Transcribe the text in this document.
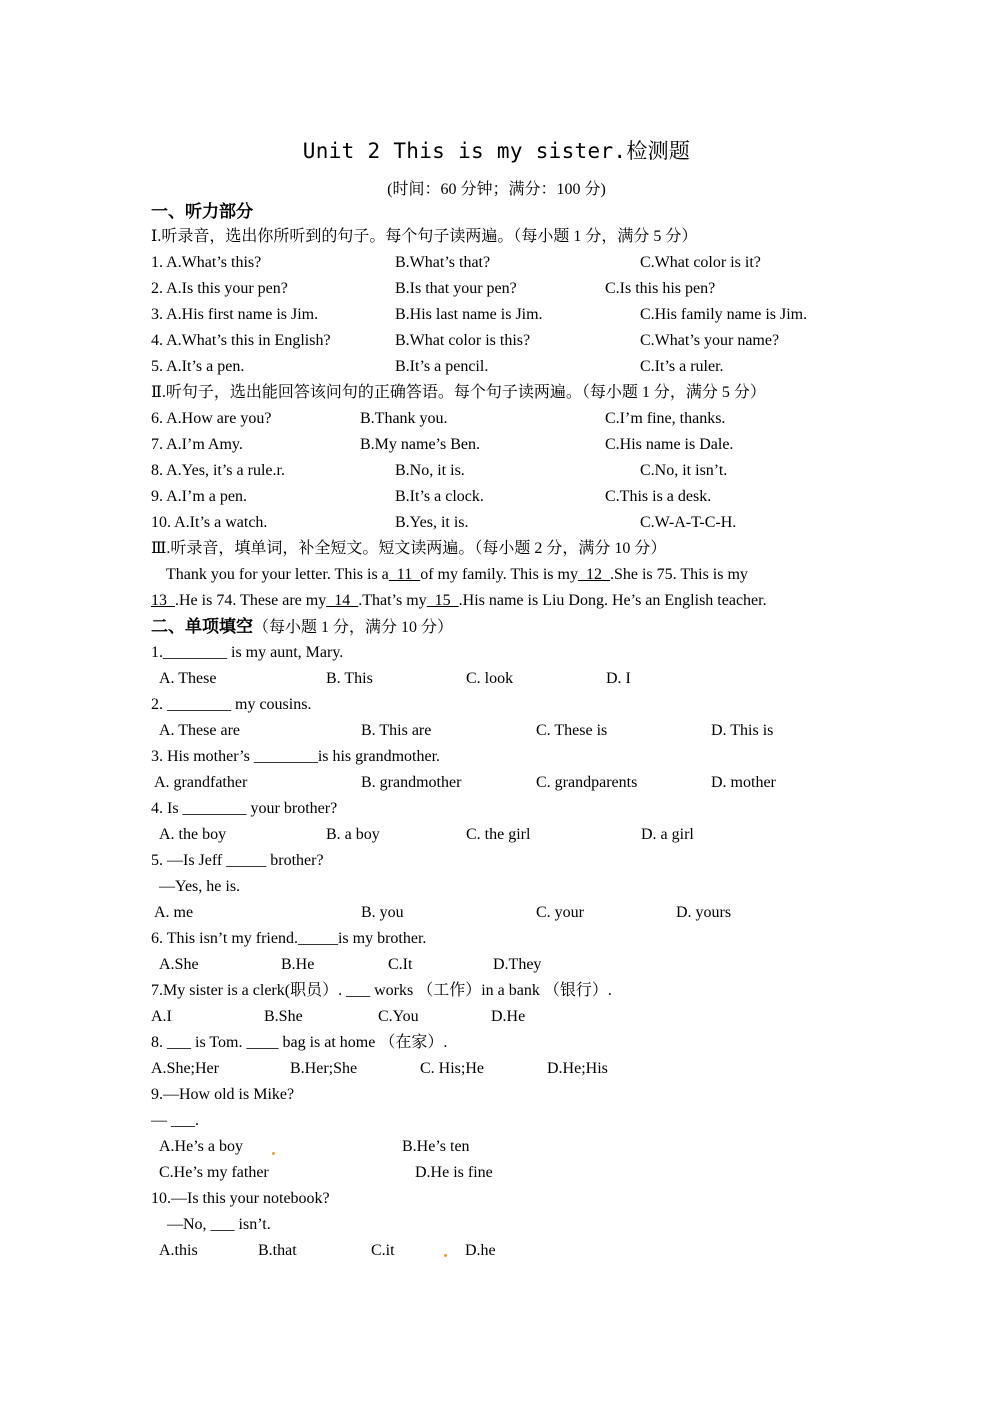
Unit 2 This is my sister.检测题
(时间：60 分钟；满分：100 分)
一、听力部分
Ⅰ.听录音，选出你所听到的句子。每个句子读两遍。（每小题 1 分，满分 5 分）
1. A.What’s this?	B.What’s that?	C.What color is it?
2. A.Is this your pen?	B.Is that your pen?	C.Is this his pen?
3. A.His first name is Jim.	B.His last name is Jim.	C.His family name is Jim.
4. A.What’s this in English?	B.What color is this?	C.What’s your name?
5. A.It’s a pen.	B.It’s a pencil.	C.It’s a ruler.
Ⅱ.听句子，选出能回答该问句的正确答语。每个句子读两遍。（每小题 1 分，满分 5 分）
6. A.How are you?	B.Thank you.	C.I’m fine, thanks.
7. A.I’m Amy.	B.My name’s Ben.	C.His name is Dale.
8. A.Yes, it’s a rule.r.	B.No, it is.	C.No, it isn’t.
9. A.I’m a pen.	B.It’s a clock.	C.This is a desk.
10. A.It’s a watch.	B.Yes, it is.	C.W-A-T-C-H.
Ⅲ.听录音，填单词，补全短文。短文读两遍。（每小题 2 分，满分 10 分）
Thank you for your letter. This is a  11  of my family. This is my  12  .She is 75. This is my
13  .He is 74. These are my  14  .That’s my  15  .His name is Liu Dong. He’s an English teacher.
二、单项填空（每小题 1 分，满分 10 分）
1.________ is my aunt, Mary.
A. These	B. This	C. look	D. I
2. ________ my cousins.
A. These are	B. This are	C. These is	D. This is
3. His mother’s ________is his grandmother.
A. grandfather	B. grandmother	C. grandparents	D. mother
4. Is ________ your brother?
A. the boy	B. a boy	C. the girl	D. a girl
5. —Is Jeff _____ brother?
—Yes, he is.
A. me	B. you	C. your	D. yours
6. This isn’t my friend._____is my brother.
A.She	B.He	C.It	D.They
7.My sister is a clerk(职员）. ___ works （工作）in a bank （银行）.
A.I	B.She	C.You	D.He
8. ___ is Tom. ____ bag is at home （在家）.
A.She;Her	B.Her;She	C. His;He	D.He;His
9.—How old is Mike?
— ___.
A.He’s a boy	B.He’s ten
C.He’s my father	D.He is fine
10.—Is this your notebook?
—No, ___ isn’t.
A.this	B.that	C.it	D.he
